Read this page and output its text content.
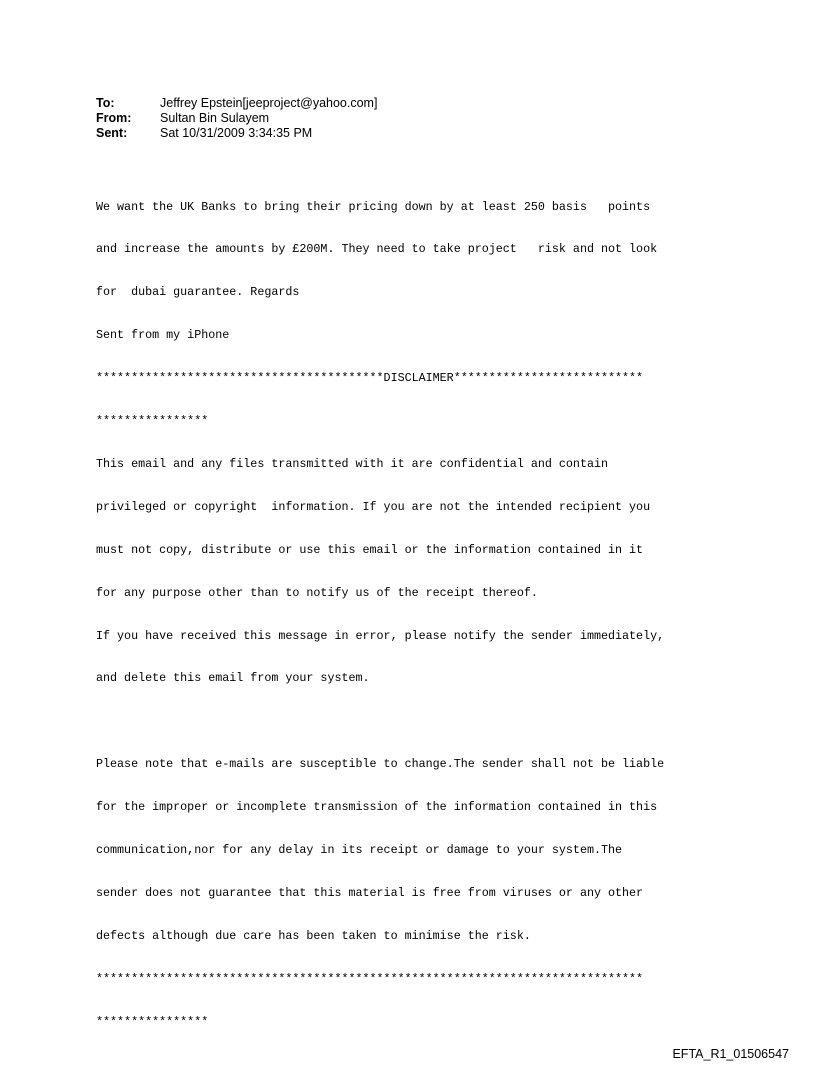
To:	Jeffrey Epstein[jeeproject@yahoo.com]
From:	Sultan Bin Sulayem
Sent:	Sat 10/31/2009 3:34:35 PM

We want the UK Banks to bring their pricing down by at least 250 basis   points

and increase the amounts by £200M. They need to take project   risk and not look

for  dubai guarantee. Regards

Sent from my iPhone

*****************************************DISCLAIMER***************************

****************

This email and any files transmitted with it are confidential and contain

privileged or copyright  information. If you are not the intended recipient you

must not copy, distribute or use this email or the information contained in it

for any purpose other than to notify us of the receipt thereof.

If you have received this message in error, please notify the sender immediately,

and delete this email from your system.

Please note that e-mails are susceptible to change.The sender shall not be liable

for the improper or incomplete transmission of the information contained in this

communication,nor for any delay in its receipt or damage to your system.The

sender does not guarantee that this material is free from viruses or any other

defects although due care has been taken to minimise the risk.

******************************************************************************

****************

EFTA_R1_01506547
